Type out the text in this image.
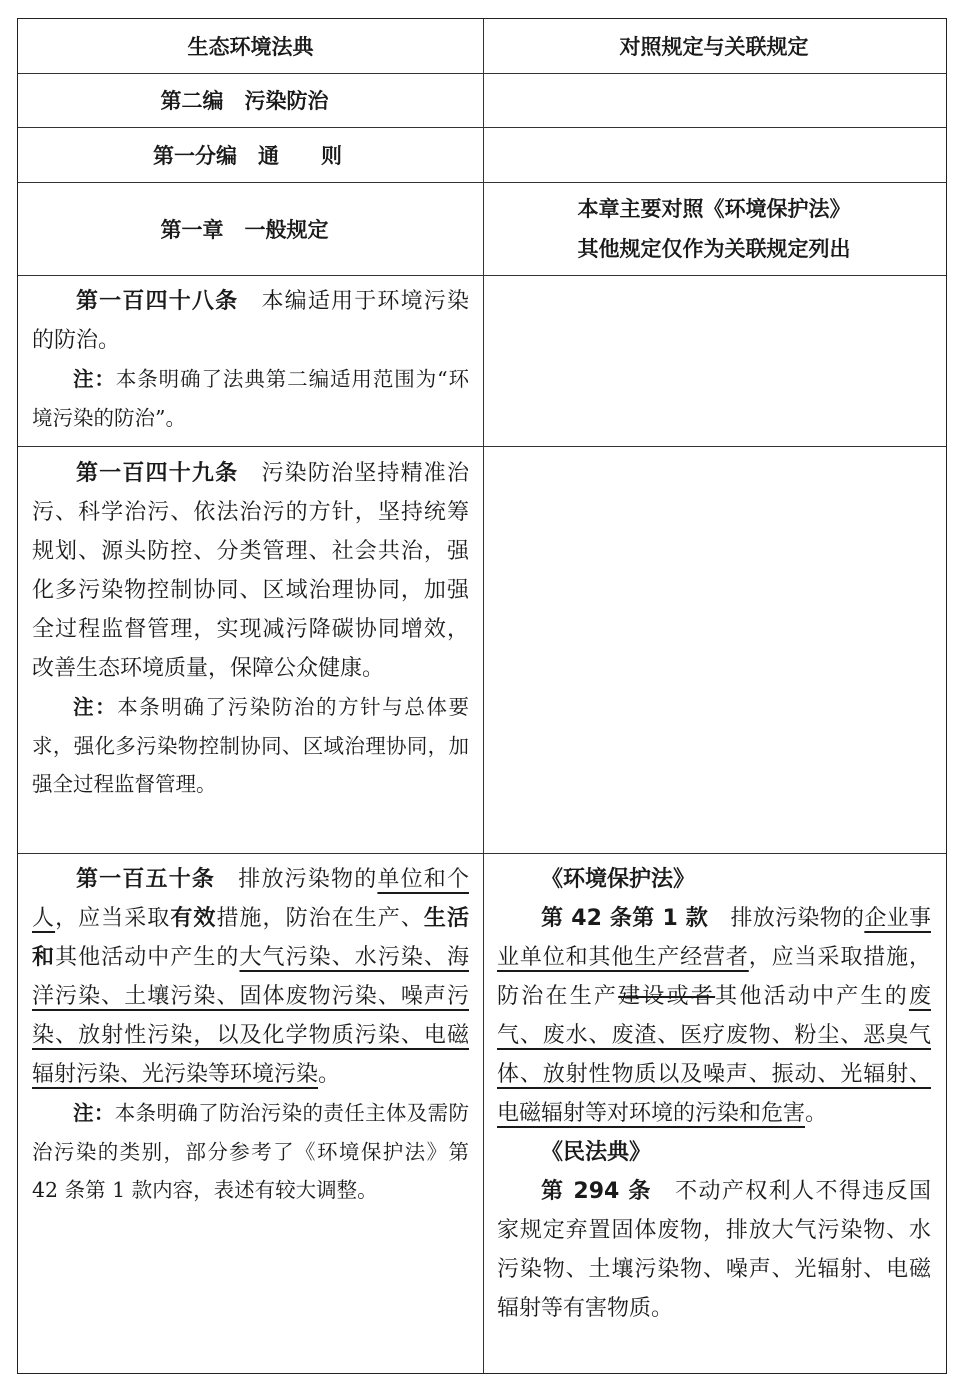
生态环境法典	对照规定与关联规定
第二编　污染防治
第一分编　通　　则
第一章　一般规定
本章主要对照《环境保护法》
其他规定仅作为关联规定列出

第一百四十八条　 本编适用于环境污染的防治。

注：本条明确了法典第二编适用范围为“环境污染的防治”。

第一百四十九条　 污染防治坚持精准治污、科学治污、依法治污的方针，坚持统筹规划、源头防控、分类管理、社会共治，强化多污染物控制协同、区域治理协同，加强全过程监督管理，实现减污降碳协同增效，改善生态环境质量，保障公众健康。

注：本条明确了污染防治的方针与总体要求，强化多污染物控制协同、区域治理协同，加强全过程监督管理。

第一百五十条　 排放污染物的单位和个人，应当采取有效措施，防治在生产、生活和其他活动中产生的大气污染、水污染、海洋污染、土壤污染、固体废物污染、噪声污染、放射性污染，以及化学物质污染、电磁辐射污染、光污染等环境污染。

注：本条明确了防治污染的责任主体及需防治污染的类别，部分参考了《环境保护法》第 42 条第 1 款内容，表述有较大调整。

《环境保护法》

第 42 条第 1 款　 排放污染物的企业事业单位和其他生产经营者，应当采取措施，防治在生产建设或者其他活动中产生的废气、废水、废渣、医疗废物、粉尘、恶臭气体、放射性物质以及噪声、振动、光辐射、电磁辐射等对环境的污染和危害。

《民法典》

第 294 条　 不动产权利人不得违反国家规定弃置固体废物，排放大气污染物、水污染物、土壤污染物、噪声、光辐射、电磁辐射等有害物质。
